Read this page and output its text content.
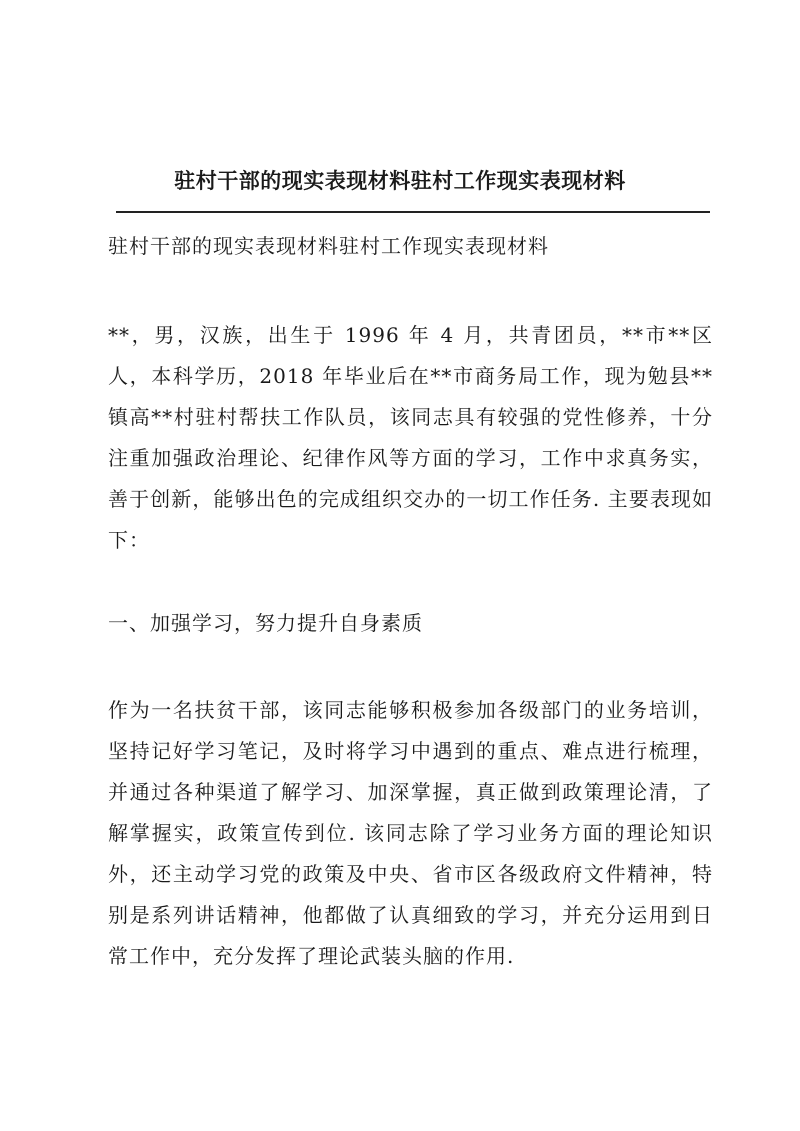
驻村干部的现实表现材料驻村工作现实表现材料

驻村干部的现实表现材料驻村工作现实表现材料

**，男，汉族，出生于 1996 年 4 月，共青团员，**市**区人，本科学历，2018 年毕业后在**市商务局工作，现为勉县**镇高**村驻村帮扶工作队员，该同志具有较强的党性修养，十分注重加强政治理论、纪律作风等方面的学习，工作中求真务实，善于创新，能够出色的完成组织交办的一切工作任务. 主要表现如下：

一、加强学习，努力提升自身素质

作为一名扶贫干部，该同志能够积极参加各级部门的业务培训，坚持记好学习笔记，及时将学习中遇到的重点、难点进行梳理，并通过各种渠道了解学习、加深掌握，真正做到政策理论清，了解掌握实，政策宣传到位. 该同志除了学习业务方面的理论知识外，还主动学习党的政策及中央、省市区各级政府文件精神，特别是系列讲话精神，他都做了认真细致的学习，并充分运用到日常工作中，充分发挥了理论武装头脑的作用.
